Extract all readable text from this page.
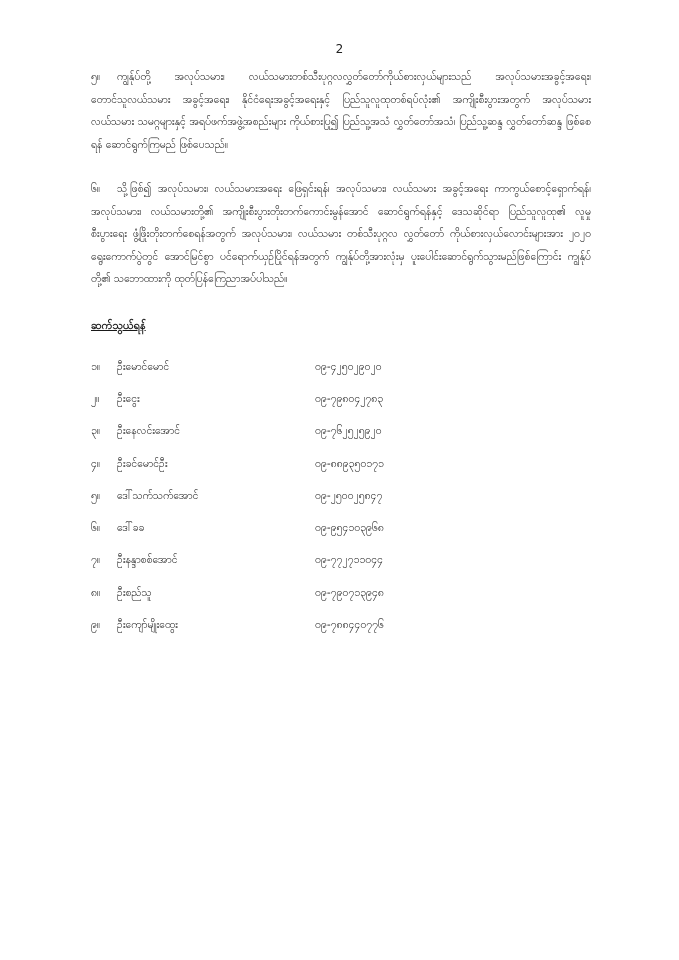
2
၅။ ကျွန်ုပ်တို့ အလုပ်သမား၊ လယ်သမားတစ်သီးပုဂ္ဂလလွှတ်တော်ကိုယ်စားလှယ်များသည် အလုပ်သမားအခွင့်အရေး၊ တောင်သူလယ်သမား အခွင့်အရေး၊ နိုင်ငံရေးအခွင့်အရေးနှင့် ပြည်သူလူထုတစ်ရပ်လုံး၏ အကျိုးစီးပွားအတွက် အလုပ်သမား လယ်သမား သမဂ္ဂများနှင့် အရပ်ဖက်အဖွဲ့အစည်းများ ကိုယ်စားပြု၍ ပြည်သူ့အသံ လွှတ်တော်အသံ၊ ပြည်သူ့ဆန္ဒ လွှတ်တော်ဆန္ဒ ဖြစ်စေရန် ဆောင်ရွက်ကြမည် ဖြစ်ပေသည်။
၆။ သို့ဖြစ်၍ အလုပ်သမား၊ လယ်သမားအရေး ဖြေရှင်းရန်၊ အလုပ်သမား၊ လယ်သမား အခွင့်အရေး ကာကွယ်စောင့်ရှောက်ရန်၊ အလုပ်သမား၊ လယ်သမားတို့၏ အကျိုးစီးပွားတိုးတက်ကောင်းမွန်အောင် ဆောင်ရွက်ရန်နှင့် ဒေသဆိုင်ရာ ပြည်သူလူထု၏ လူမှုစီးပွားရေး ဖွံ့ဖြိုးတိုးတက်စေရန်အတွက် အလုပ်သမား၊ လယ်သမား တစ်သီးပုဂ္ဂလ လွှတ်တော် ကိုယ်စားလှယ်လောင်းများအား ၂၀၂၀ ရွေးကောက်ပွဲတွင် အောင်မြင်စွာ ပင်ရောက်ယှဉ်ပြိုင်ရန်အတွက် ကျွန်ုပ်တို့အားလုံးမှ ပူးပေါင်းဆောင်ရွက်သွားမည်ဖြစ်ကြောင်း ကျွန်ုပ်တို့၏ သဘောထားကို ထုတ်ပြန်ကြေညာအပ်ပါသည်။
ဆက်သွယ်ရန်
၁။	ဦးမောင်မောင်	၀၉-၄၂၅၀၂၉၀၂၀
၂။	ဦးငွေး	၀၉-၇၉၈၀၄၂၇၈၃
၃။	ဦးနေလင်းအောင်	၀၉-၇၆၂၅၂၅၉၂၀
၄။	ဦးခင်မောင်ဦး	၀၉-၈၈၉၃၅၀၁၇၁
၅။	ဒေါ်သက်သက်အောင်	၀၉-၂၅၀၀၂၅၈၄၇
၆။	ဒေါ်ခခ	၀၉-၉၅၄၁၀၃၉၆၈
၇။	ဦးနန္ဒာစစ်အောင်	၀၉-၇၇၂၇၁၁၀၄၄
၈။	ဦးစည်သူ	၀၉-၇၉၀၇၁၃၉၄၈
၉။	ဦးကျော်မျိုးထွေး	၀၉-၇၈၈၄၄၀၇၇၆
